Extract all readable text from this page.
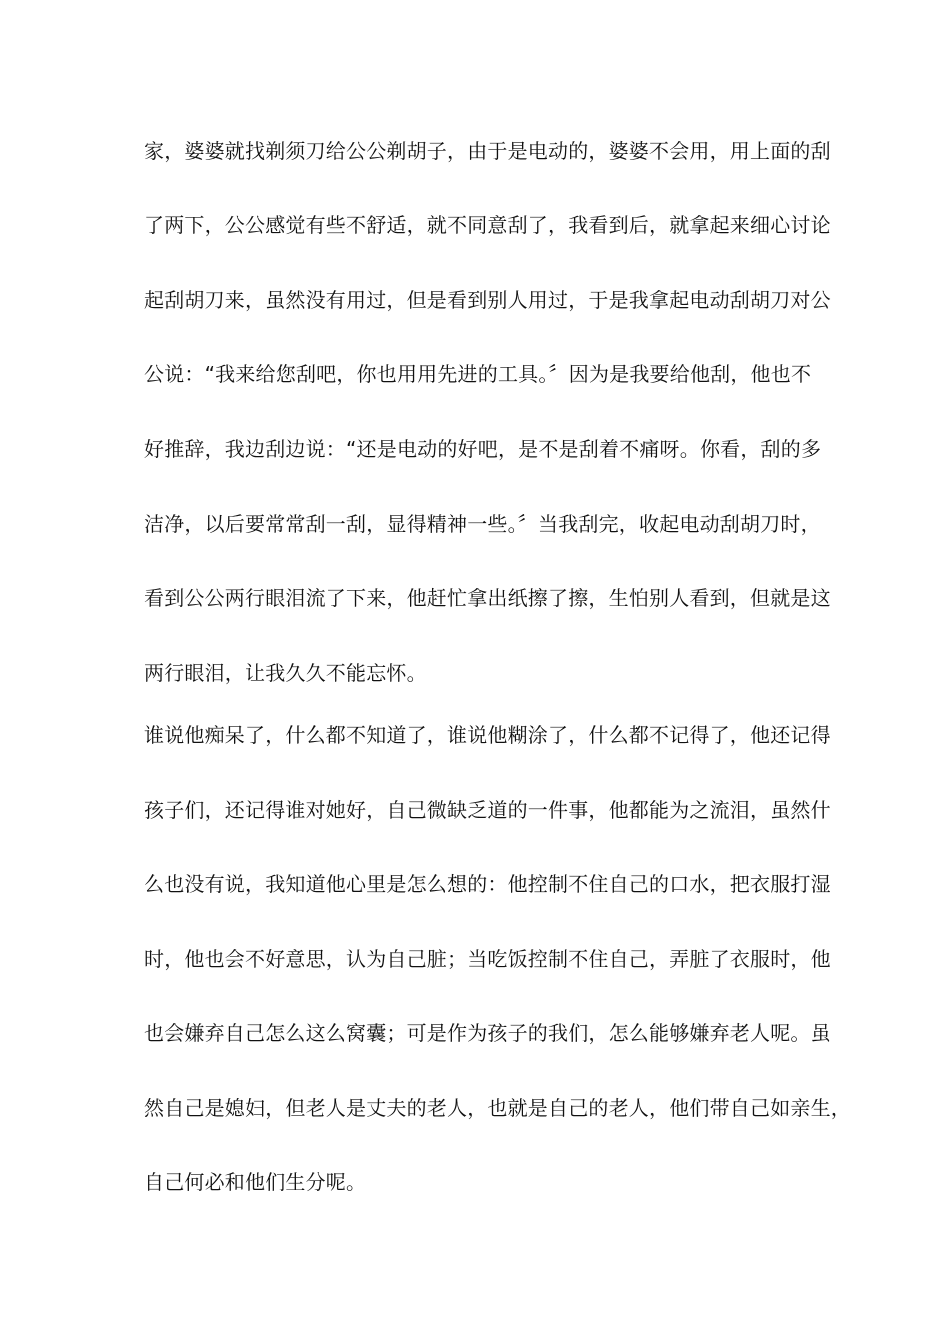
家，婆婆就找剃须刀给公公剃胡子，由于是电动的，婆婆不会用，用上面的刮
了两下，公公感觉有些不舒适，就不同意刮了，我看到后，就拿起来细心讨论
起刮胡刀来，虽然没有用过，但是看到别人用过，于是我拿起电动刮胡刀对公
公说：“我来给您刮吧，你也用用先进的工具。〞因为是我要给他刮，他也不
好推辞，我边刮边说：“还是电动的好吧，是不是刮着不痛呀。你看，刮的多
洁净，以后要常常刮一刮，显得精神一些。〞当我刮完，收起电动刮胡刀时，
看到公公两行眼泪流了下来，他赶忙拿出纸擦了擦，生怕别人看到，但就是这
两行眼泪，让我久久不能忘怀。
谁说他痴呆了，什么都不知道了，谁说他糊涂了，什么都不记得了，他还记得
孩子们，还记得谁对她好，自己微缺乏道的一件事，他都能为之流泪，虽然什
么也没有说，我知道他心里是怎么想的：他控制不住自己的口水，把衣服打湿
时，他也会不好意思，认为自己脏；当吃饭控制不住自己，弄脏了衣服时，他
也会嫌弃自己怎么这么窝囊；可是作为孩子的我们，怎么能够嫌弃老人呢。虽
然自己是媳妇，但老人是丈夫的老人，也就是自己的老人，他们带自己如亲生，
自己何必和他们生分呢。
